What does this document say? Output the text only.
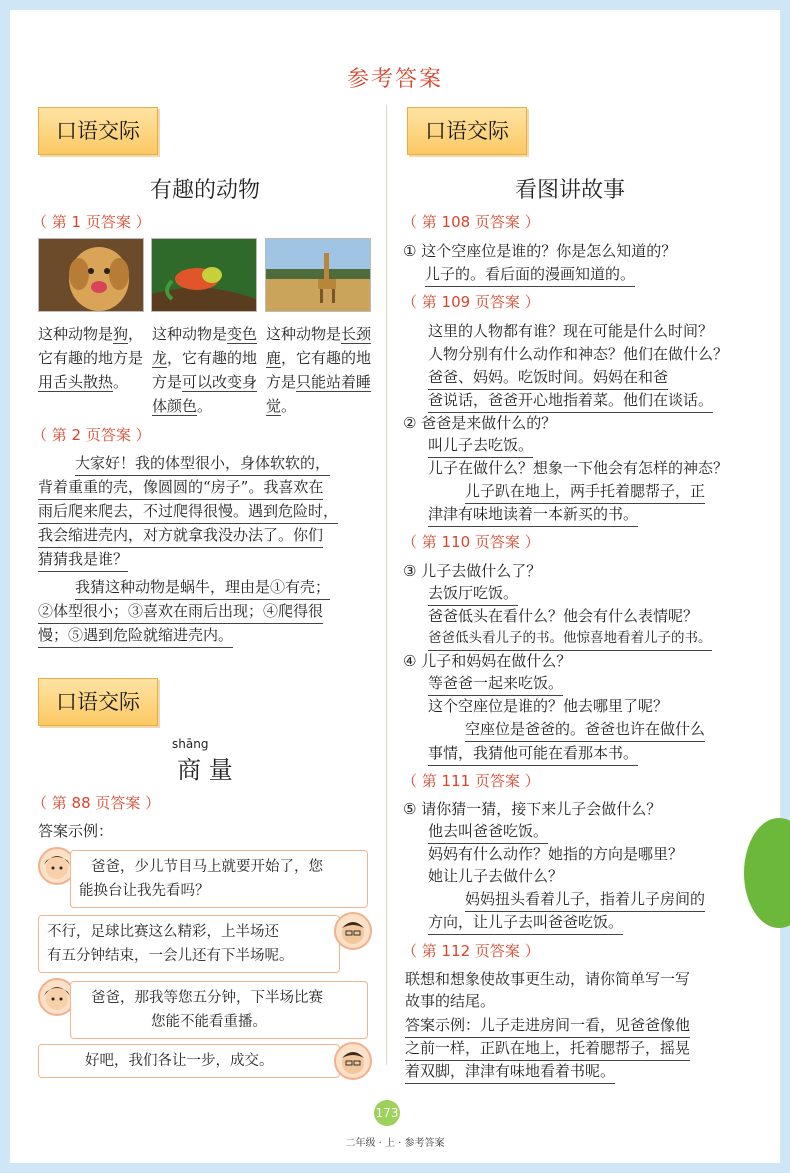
参考答案
口语交际
有趣的动物
（ 第 1 页答案 ）
这种动物是狗，它有趣的地方是用舌头散热。
这种动物是变色龙，它有趣的地方是可以改变身体颜色。
这种动物是长颈鹿，它有趣的地方是只能站着睡觉。
（ 第 2 页答案 ）
大家好！我的体型很小，身体软软的，
背着重重的壳，像圆圆的“房子”。我喜欢在
雨后爬来爬去，不过爬得很慢。遇到危险时，
我会缩进壳内，对方就拿我没办法了。你们
猜猜我是谁？
我猜这种动物是蜗牛，理由是①有壳；
②体型很小；③喜欢在雨后出现；④爬得很
慢；⑤遇到危险就缩进壳内。
口语交际
shāng
商 量
（ 第 88 页答案 ）
答案示例：
爸爸，少儿节目马上就要开始了，您
能换台让我先看吗？
不行，足球比赛这么精彩，上半场还
有五分钟结束，一会儿还有下半场呢。
爸爸，那我等您五分钟，下半场比赛
您能不能看重播。
好吧，我们各让一步，成交。
口语交际
看图讲故事
（ 第 108 页答案 ）
① 这个空座位是谁的？你是怎么知道的？
儿子的。看后面的漫画知道的。
（ 第 109 页答案 ）
这里的人物都有谁？现在可能是什么时间？
人物分别有什么动作和神态？他们在做什么？
爸爸、妈妈。吃饭时间。妈妈在和爸
爸说话，爸爸开心地指着菜。他们在谈话。
② 爸爸是来做什么的？
叫儿子去吃饭。
儿子在做什么？想象一下他会有怎样的神态？
儿子趴在地上，两手托着腮帮子，正
津津有味地读着一本新买的书。
（ 第 110 页答案 ）
③ 儿子去做什么了？
去饭厅吃饭。
爸爸低头在看什么？他会有什么表情呢？
爸爸低头看儿子的书。他惊喜地看着儿子的书。
④ 儿子和妈妈在做什么？
等爸爸一起来吃饭。
这个空座位是谁的？他去哪里了呢？
空座位是爸爸的。爸爸也许在做什么
事情，我猜他可能在看那本书。
（ 第 111 页答案 ）
⑤ 请你猜一猜，接下来儿子会做什么？
他去叫爸爸吃饭。
妈妈有什么动作？她指的方向是哪里？
她让儿子去做什么？
妈妈扭头看着儿子，指着儿子房间的
方向，让儿子去叫爸爸吃饭。
（ 第 112 页答案 ）
联想和想象使故事更生动，请你简单写一写
故事的结尾。
答案示例：儿子走进房间一看，见爸爸像他
之前一样，正趴在地上，托着腮帮子，摇晃
着双脚，津津有味地看着书呢。
173
二年级 · 上 · 参考答案
